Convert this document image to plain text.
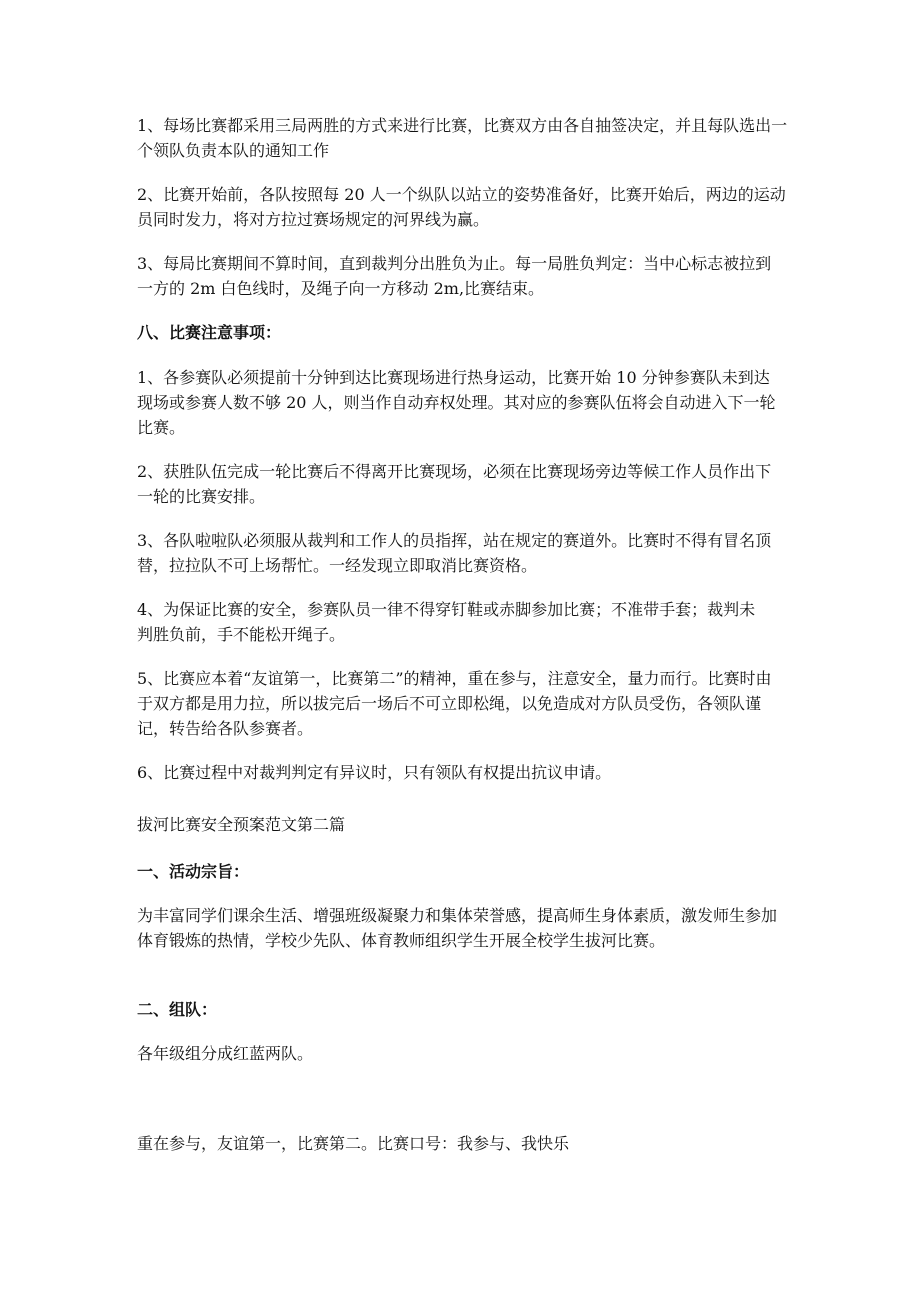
1、每场比赛都采用三局两胜的方式来进行比赛，比赛双方由各自抽签决定，并且每队选出一个领队负责本队的通知工作

2、比赛开始前，各队按照每 20 人一个纵队以站立的姿势准备好，比赛开始后，两边的运动员同时发力，将对方拉过赛场规定的河界线为赢。

3、每局比赛期间不算时间，直到裁判分出胜负为止。每一局胜负判定：当中心标志被拉到一方的 2m 白色线时，及绳子向一方移动 2m,比赛结束。

八、比赛注意事项：

1、各参赛队必须提前十分钟到达比赛现场进行热身运动，比赛开始 10 分钟参赛队未到达现场或参赛人数不够 20 人，则当作自动弃权处理。其对应的参赛队伍将会自动进入下一轮比赛。

2、获胜队伍完成一轮比赛后不得离开比赛现场，必须在比赛现场旁边等候工作人员作出下一轮的比赛安排。

3、各队啦啦队必须服从裁判和工作人的员指挥，站在规定的赛道外。比赛时不得有冒名顶替，拉拉队不可上场帮忙。一经发现立即取消比赛资格。

4、为保证比赛的安全，参赛队员一律不得穿钉鞋或赤脚参加比赛；不准带手套；裁判未判胜负前，手不能松开绳子。

5、比赛应本着“友谊第一，比赛第二”的精神，重在参与，注意安全，量力而行。比赛时由于双方都是用力拉，所以拔完后一场后不可立即松绳，以免造成对方队员受伤，各领队谨记，转告给各队参赛者。

6、比赛过程中对裁判判定有异议时，只有领队有权提出抗议申请。

拔河比赛安全预案范文第二篇

一、活动宗旨：

为丰富同学们课余生活、增强班级凝聚力和集体荣誉感，提高师生身体素质，激发师生参加体育锻炼的热情，学校少先队、体育教师组织学生开展全校学生拔河比赛。

二、组队：

各年级组分成红蓝两队。

重在参与，友谊第一，比赛第二。比赛口号：我参与、我快乐
